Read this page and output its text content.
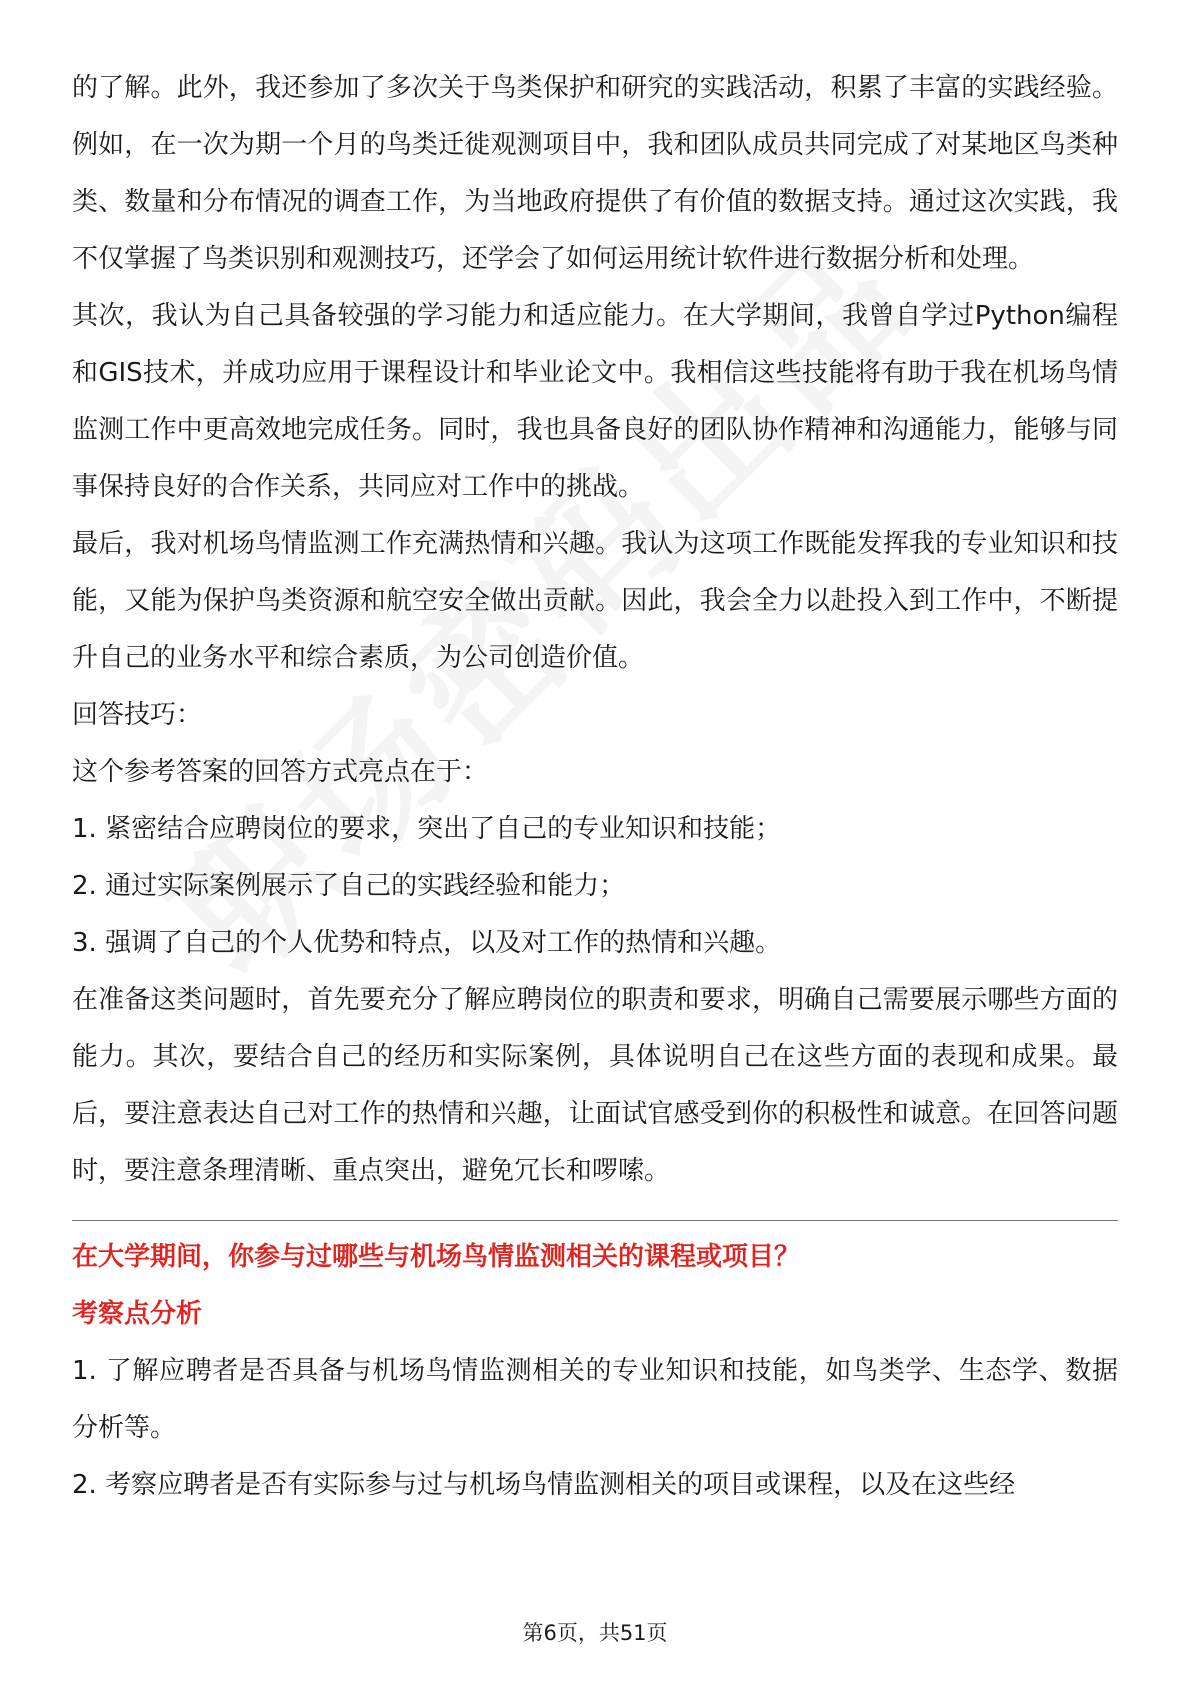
的了解。此外，我还参加了多次关于鸟类保护和研究的实践活动，积累了丰富的实践经验。例如，在一次为期一个月的鸟类迁徙观测项目中，我和团队成员共同完成了对某地区鸟类种类、数量和分布情况的调查工作，为当地政府提供了有价值的数据支持。通过这次实践，我不仅掌握了鸟类识别和观测技巧，还学会了如何运用统计软件进行数据分析和处理。

其次，我认为自己具备较强的学习能力和适应能力。在大学期间，我曾自学过Python编程和GIS技术，并成功应用于课程设计和毕业论文中。我相信这些技能将有助于我在机场鸟情监测工作中更高效地完成任务。同时，我也具备良好的团队协作精神和沟通能力，能够与同事保持良好的合作关系，共同应对工作中的挑战。

最后，我对机场鸟情监测工作充满热情和兴趣。我认为这项工作既能发挥我的专业知识和技能，又能为保护鸟类资源和航空安全做出贡献。因此，我会全力以赴投入到工作中，不断提升自己的业务水平和综合素质，为公司创造价值。

回答技巧：

这个参考答案的回答方式亮点在于：

1. 紧密结合应聘岗位的要求，突出了自己的专业知识和技能；

2. 通过实际案例展示了自己的实践经验和能力；

3. 强调了自己的个人优势和特点，以及对工作的热情和兴趣。

在准备这类问题时，首先要充分了解应聘岗位的职责和要求，明确自己需要展示哪些方面的能力。其次，要结合自己的经历和实际案例，具体说明自己在这些方面的表现和成果。最后，要注意表达自己对工作的热情和兴趣，让面试官感受到你的积极性和诚意。在回答问题时，要注意条理清晰、重点突出，避免冗长和啰嗦。

在大学期间，你参与过哪些与机场鸟情监测相关的课程或项目？

考察点分析

1. 了解应聘者是否具备与机场鸟情监测相关的专业知识和技能，如鸟类学、生态学、数据分析等。

2. 考察应聘者是否有实际参与过与机场鸟情监测相关的项目或课程，以及在这些经

第6页，共51页
